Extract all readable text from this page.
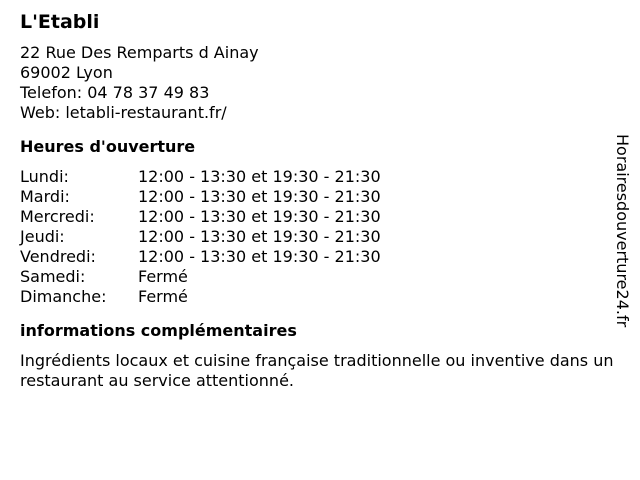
L'Etabli
22 Rue Des Remparts d Ainay
69002 Lyon
Telefon: 04 78 37 49 83
Web: letabli-restaurant.fr/
Heures d'ouverture
Lundi:	12:00 - 13:30 et 19:30 - 21:30
Mardi:	12:00 - 13:30 et 19:30 - 21:30
Mercredi:	12:00 - 13:30 et 19:30 - 21:30
Jeudi:	12:00 - 13:30 et 19:30 - 21:30
Vendredi:	12:00 - 13:30 et 19:30 - 21:30
Samedi:	Fermé
Dimanche:	Fermé
informations complémentaires
Ingrédients locaux et cuisine française traditionnelle ou inventive dans un restaurant au service attentionné.
Horairesdouverture24.fr
